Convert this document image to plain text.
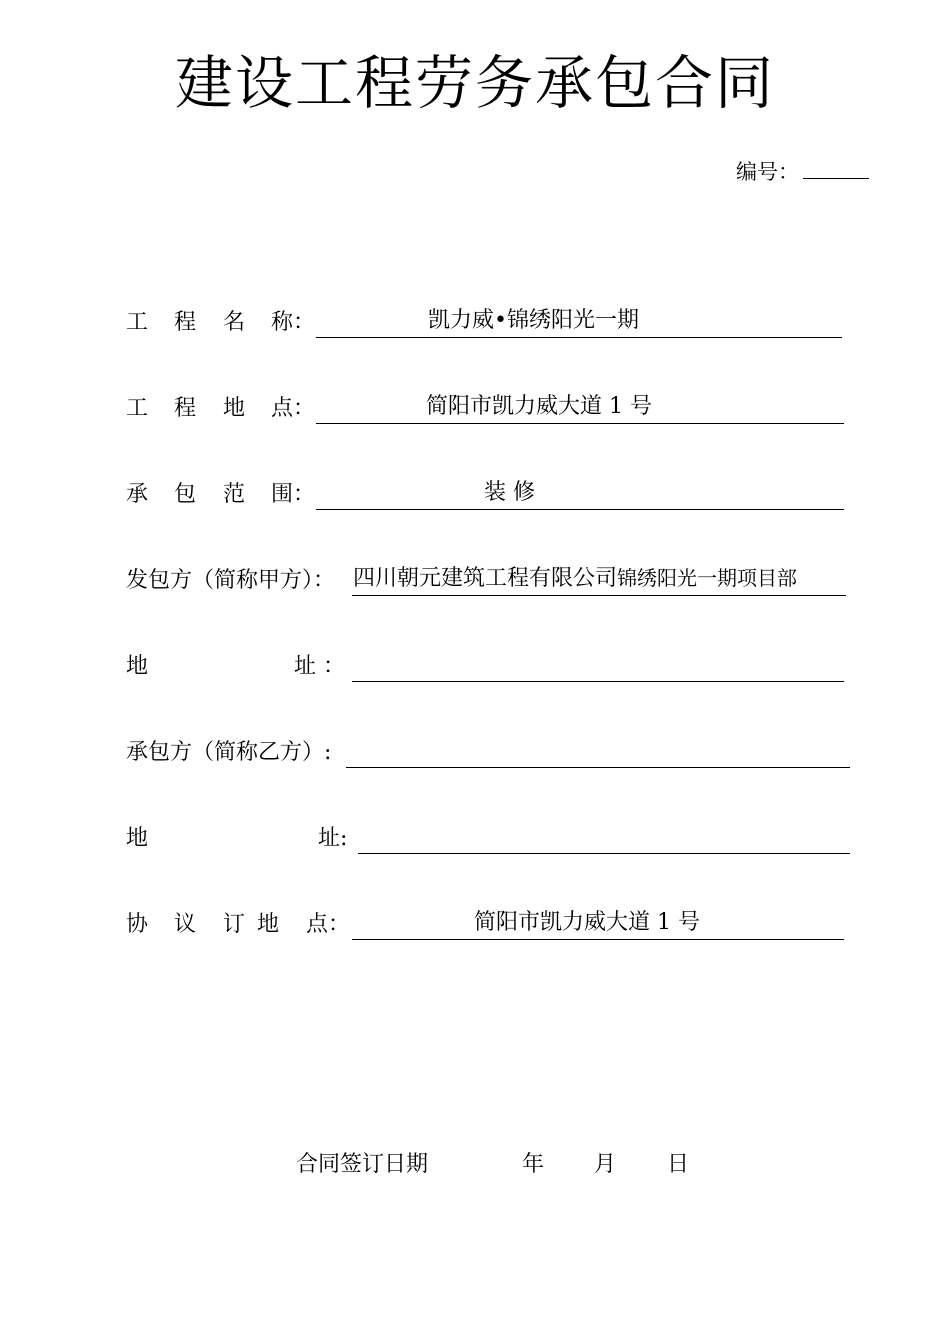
建设工程劳务承包合同
编号：
工 程 名 称：	凯力威•锦绣阳光一期
工 程 地 点：	简阳市凯力威大道 1 号
承 包 范 围：	装 修
发包方（简称甲方）： 四川朝元建筑工程有限公司锦绣阳光一期项目部
地	址 ：
承包方（简称乙方）:
地	址:
协 议 订 地 点：	简阳市凯力威大道 1 号
合同签订日期	年 月 日
